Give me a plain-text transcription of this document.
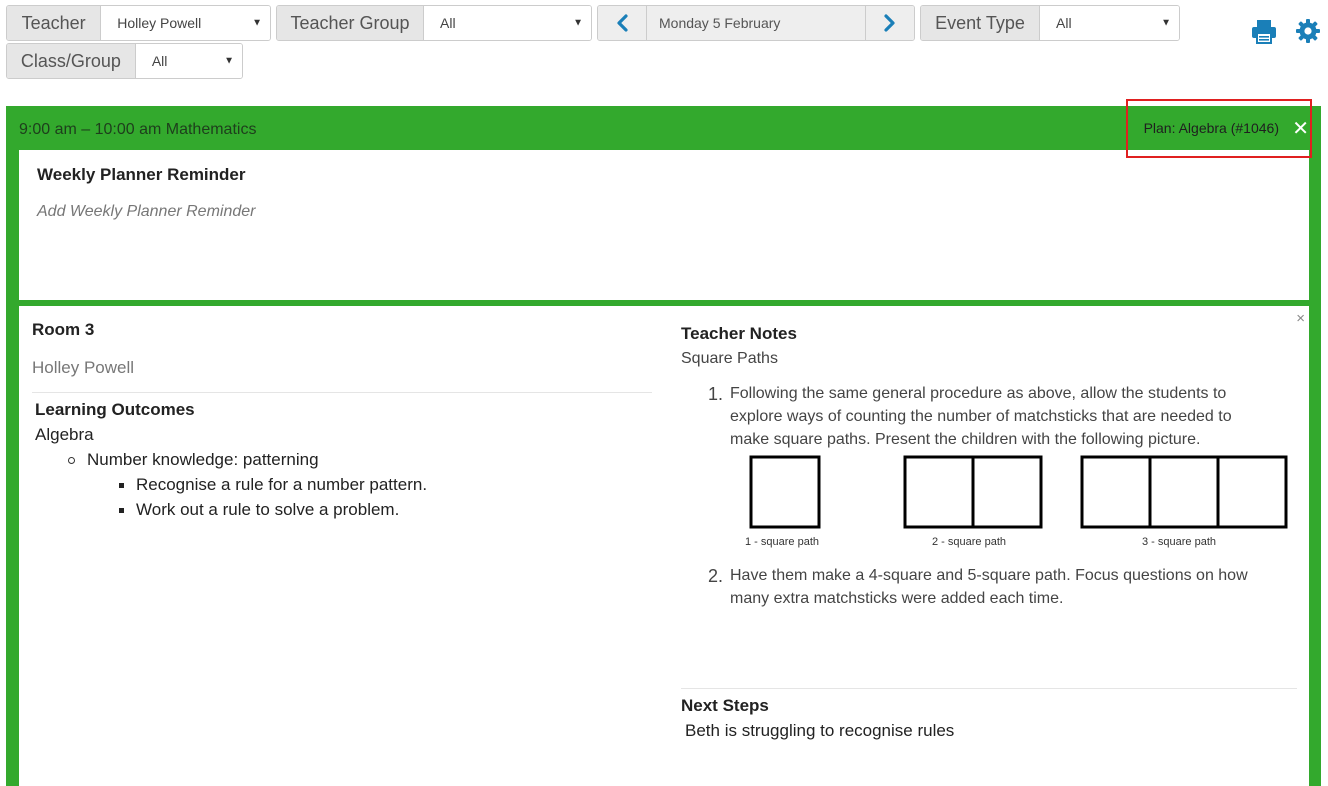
Teacher	Holley Powell	▼	Teacher Group	All	▼	Monday 5 February	Event Type	All	▼
Class/Group	All	▼
9:00 am – 10:00 am Mathematics	Plan: Algebra (#1046) ✕
Weekly Planner Reminder
Add Weekly Planner Reminder
×
Room 3
Holley Powell
Learning Outcomes
Algebra
Number knowledge: patterning
Recognise a rule for a number pattern.
Work out a rule to solve a problem.
Teacher Notes
Square Paths
1. Following the same general procedure as above, allow the students to explore ways of counting the number of matchsticks that are needed to make square paths. Present the children with the following picture.
1 - square path	2 - square path	3 - square path
2. Have them make a 4-square and 5-square path. Focus questions on how many extra matchsticks were added each time.
Next Steps
Beth is struggling to recognise rules
